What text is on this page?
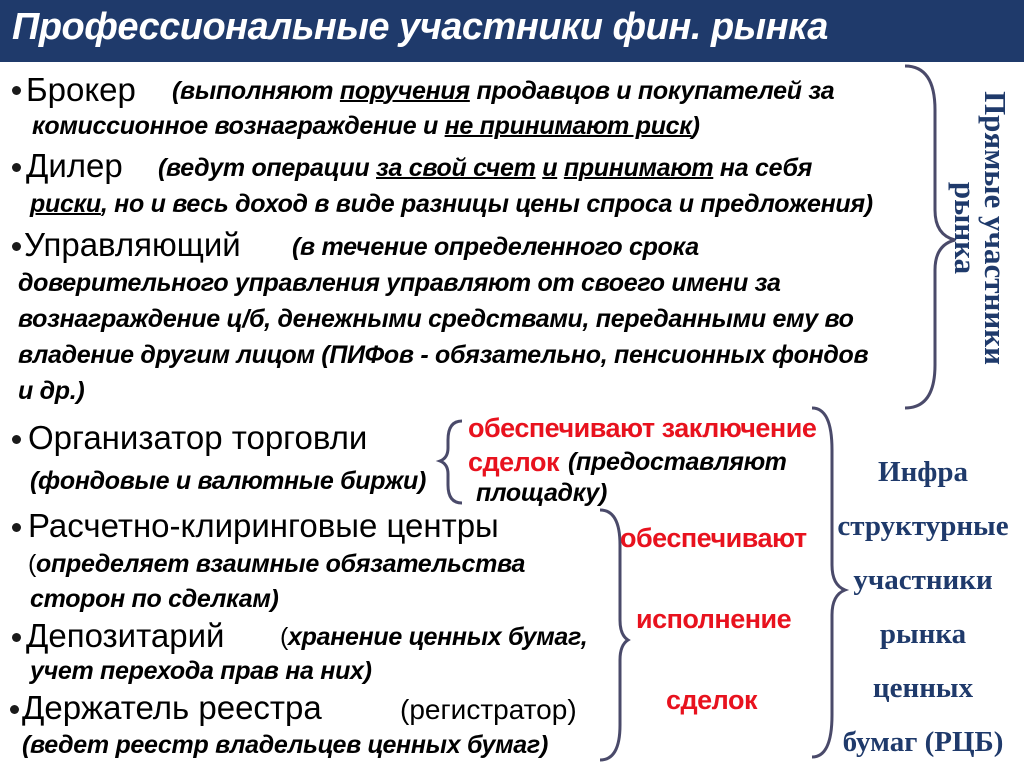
Профессиональные участники фин. рынка
Брокер (выполняют поручения продавцов и покупателей за
комиссионное вознаграждение и не принимают риск)
Дилер (ведут операции за свой счет и принимают на себя
риски, но и весь доход в виде разницы цены спроса и предложения)
Управляющий (в течение определенного срока
доверительного управления управляют от своего имени за
вознаграждение ц/б, денежными средствами, переданными ему во
владение другим лицом (ПИФов - обязательно, пенсионных фондов
и др.)
Прямые участники
рынка
Организатор торговли
(фондовые и валютные биржи)
обеспечивают заключение
сделок (предоставляют
площадку)
Расчетно-клиринговые центры
(определяет взаимные обязательства
сторон по сделкам)
Депозитарий (хранение ценных бумаг,
учет перехода прав на них)
Держатель реестра	(регистратор)
(ведет реестр владельцев ценных бумаг)
обеспечивают
исполнение
сделок
Инфра
структурные
участники
рынка
ценных
бумаг (РЦБ)
